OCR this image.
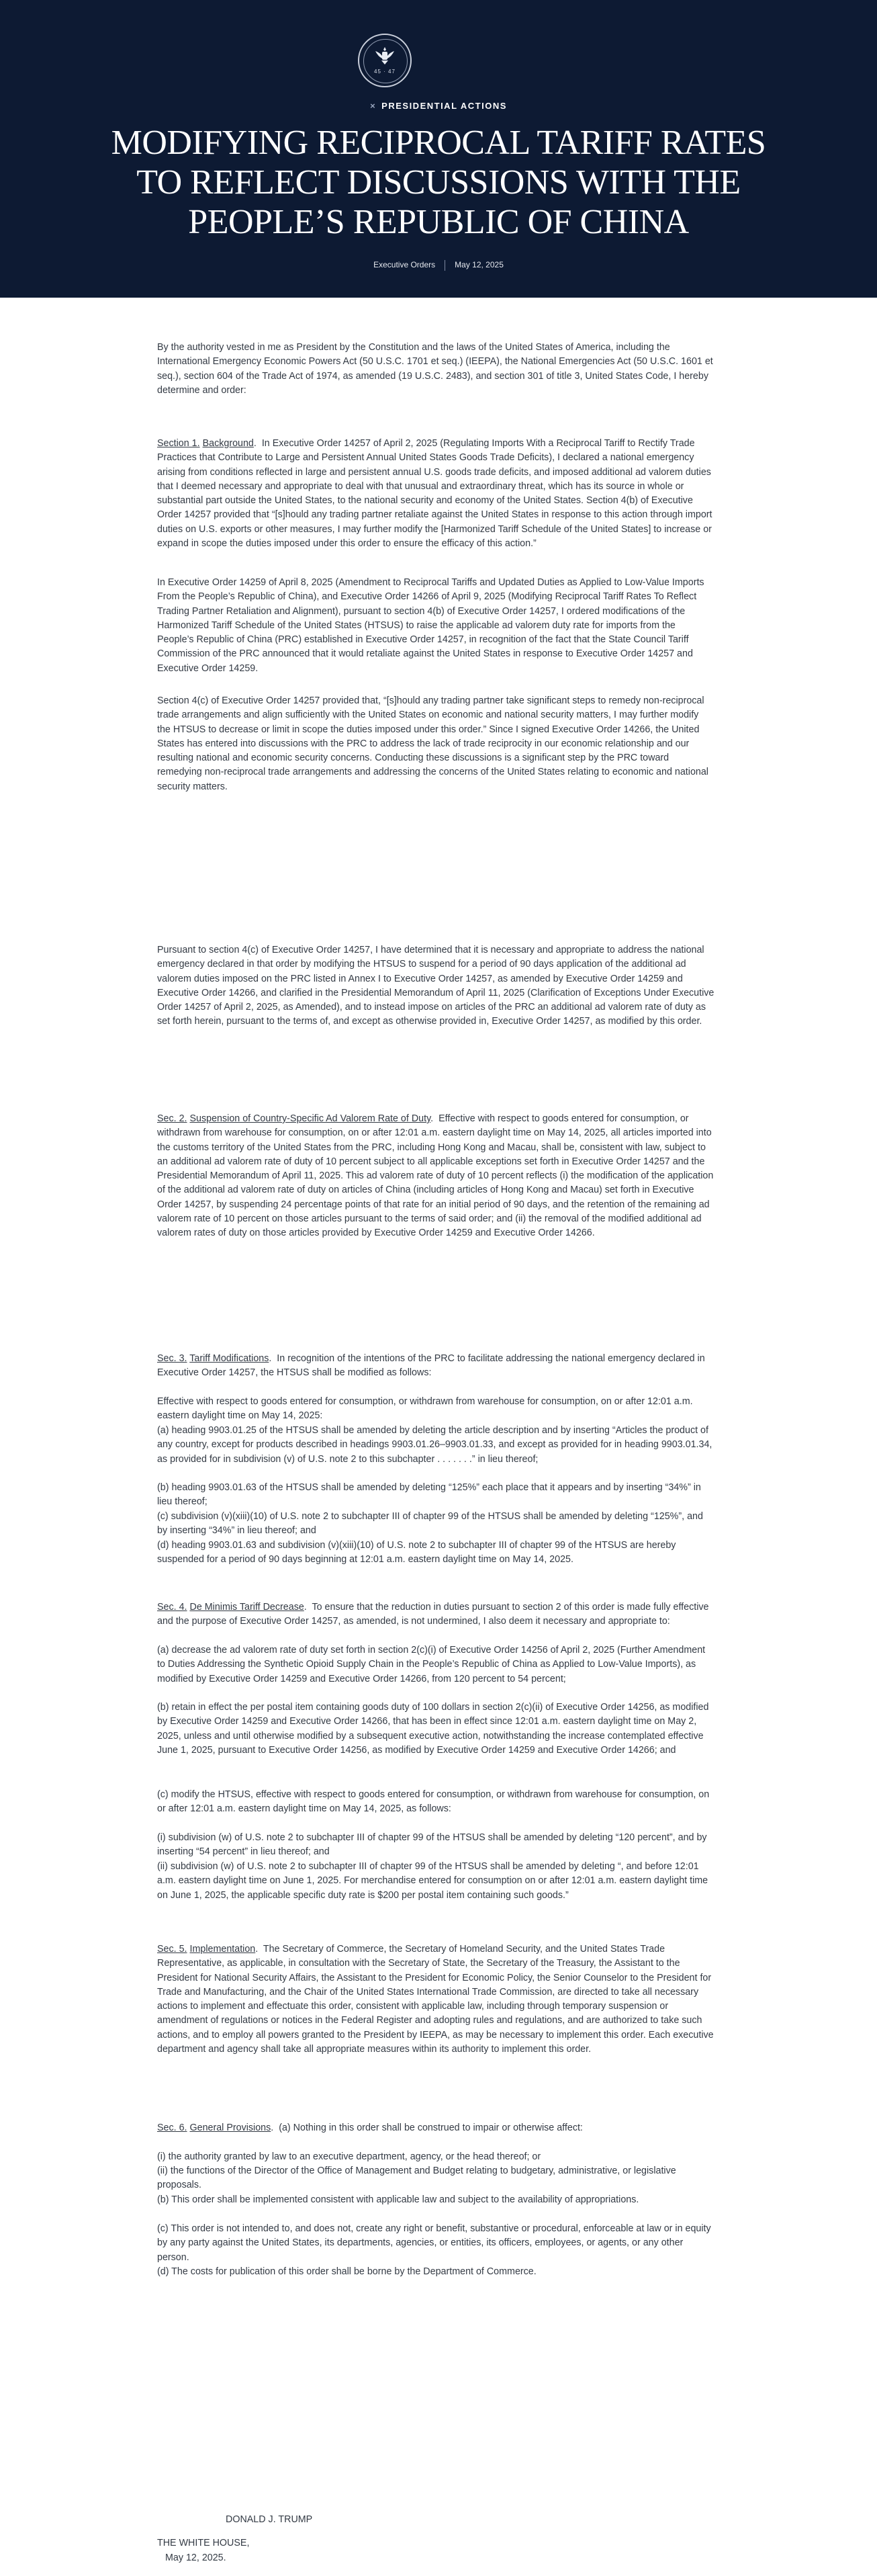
45 · 47
× PRESIDENTIAL ACTIONS
MODIFYING RECIPROCAL TARIFF RATES TO REFLECT DISCUSSIONS WITH THE PEOPLE’S REPUBLIC OF CHINA
Executive Orders May 12, 2025

By the authority vested in me as President by the Constitution and the laws of the United States of America, including the International Emergency Economic Powers Act (50 U.S.C. 1701 et seq.) (IEEPA), the National Emergencies Act (50 U.S.C. 1601 et seq.), section 604 of the Trade Act of 1974, as amended (19 U.S.C. 2483), and section 301 of title 3, United States Code, I hereby determine and order:

Section 1. Background.  In Executive Order 14257 of April 2, 2025 (Regulating Imports With a Reciprocal Tariff to Rectify Trade Practices that Contribute to Large and Persistent Annual United States Goods Trade Deficits), I declared a national emergency arising from conditions reflected in large and persistent annual U.S. goods trade deficits, and imposed additional ad valorem duties that I deemed necessary and appropriate to deal with that unusual and extraordinary threat, which has its source in whole or substantial part outside the United States, to the national security and economy of the United States. Section 4(b) of Executive Order 14257 provided that “[s]hould any trading partner retaliate against the United States in response to this action through import duties on U.S. exports or other measures, I may further modify the [Harmonized Tariff Schedule of the United States] to increase or expand in scope the duties imposed under this order to ensure the efficacy of this action.”

In Executive Order 14259 of April 8, 2025 (Amendment to Reciprocal Tariffs and Updated Duties as Applied to Low-Value Imports From the People’s Republic of China), and Executive Order 14266 of April 9, 2025 (Modifying Reciprocal Tariff Rates To Reflect Trading Partner Retaliation and Alignment), pursuant to section 4(b) of Executive Order 14257, I ordered modifications of the Harmonized Tariff Schedule of the United States (HTSUS) to raise the applicable ad valorem duty rate for imports from the People’s Republic of China (PRC) established in Executive Order 14257, in recognition of the fact that the State Council Tariff Commission of the PRC announced that it would retaliate against the United States in response to Executive Order 14257 and Executive Order 14259.

Section 4(c) of Executive Order 14257 provided that, “[s]hould any trading partner take significant steps to remedy non-reciprocal trade arrangements and align sufficiently with the United States on economic and national security matters, I may further modify the HTSUS to decrease or limit in scope the duties imposed under this order.” Since I signed Executive Order 14266, the United States has entered into discussions with the PRC to address the lack of trade reciprocity in our economic relationship and our resulting national and economic security concerns. Conducting these discussions is a significant step by the PRC toward remedying non-reciprocal trade arrangements and addressing the concerns of the United States relating to economic and national security matters.

Pursuant to section 4(c) of Executive Order 14257, I have determined that it is necessary and appropriate to address the national emergency declared in that order by modifying the HTSUS to suspend for a period of 90 days application of the additional ad valorem duties imposed on the PRC listed in Annex I to Executive Order 14257, as amended by Executive Order 14259 and Executive Order 14266, and clarified in the Presidential Memorandum of April 11, 2025 (Clarification of Exceptions Under Executive Order 14257 of April 2, 2025, as Amended), and to instead impose on articles of the PRC an additional ad valorem rate of duty as set forth herein, pursuant to the terms of, and except as otherwise provided in, Executive Order 14257, as modified by this order.

Sec. 2. Suspension of Country-Specific Ad Valorem Rate of Duty.  Effective with respect to goods entered for consumption, or withdrawn from warehouse for consumption, on or after 12:01 a.m. eastern daylight time on May 14, 2025, all articles imported into the customs territory of the United States from the PRC, including Hong Kong and Macau, shall be, consistent with law, subject to an additional ad valorem rate of duty of 10 percent subject to all applicable exceptions set forth in Executive Order 14257 and the Presidential Memorandum of April 11, 2025. This ad valorem rate of duty of 10 percent reflects (i) the modification of the application of the additional ad valorem rate of duty on articles of China (including articles of Hong Kong and Macau) set forth in Executive Order 14257, by suspending 24 percentage points of that rate for an initial period of 90 days, and the retention of the remaining ad valorem rate of 10 percent on those articles pursuant to the terms of said order; and (ii) the removal of the modified additional ad valorem rates of duty on those articles provided by Executive Order 14259 and Executive Order 14266.

Sec. 3. Tariff Modifications.  In recognition of the intentions of the PRC to facilitate addressing the national emergency declared in Executive Order 14257, the HTSUS shall be modified as follows:

Effective with respect to goods entered for consumption, or withdrawn from warehouse for consumption, on or after 12:01 a.m. eastern daylight time on May 14, 2025:

(a) heading 9903.01.25 of the HTSUS shall be amended by deleting the article description and by inserting “Articles the product of any country, except for products described in headings 9903.01.26–9903.01.33, and except as provided for in heading 9903.01.34, as provided for in subdivision (v) of U.S. note 2 to this subchapter . . . . . . .” in lieu thereof;

(b) heading 9903.01.63 of the HTSUS shall be amended by deleting “125%” each place that it appears and by inserting “34%” in lieu thereof;

(c) subdivision (v)(xiii)(10) of U.S. note 2 to subchapter III of chapter 99 of the HTSUS shall be amended by deleting “125%”, and by inserting “34%” in lieu thereof; and

(d) heading 9903.01.63 and subdivision (v)(xiii)(10) of U.S. note 2 to subchapter III of chapter 99 of the HTSUS are hereby suspended for a period of 90 days beginning at 12:01 a.m. eastern daylight time on May 14, 2025.

Sec. 4. De Minimis Tariff Decrease.  To ensure that the reduction in duties pursuant to section 2 of this order is made fully effective and the purpose of Executive Order 14257, as amended, is not undermined, I also deem it necessary and appropriate to:

(a) decrease the ad valorem rate of duty set forth in section 2(c)(i) of Executive Order 14256 of April 2, 2025 (Further Amendment to Duties Addressing the Synthetic Opioid Supply Chain in the People’s Republic of China as Applied to Low-Value Imports), as modified by Executive Order 14259 and Executive Order 14266, from 120 percent to 54 percent;

(b) retain in effect the per postal item containing goods duty of 100 dollars in section 2(c)(ii) of Executive Order 14256, as modified by Executive Order 14259 and Executive Order 14266, that has been in effect since 12:01 a.m. eastern daylight time on May 2, 2025, unless and until otherwise modified by a subsequent executive action, notwithstanding the increase contemplated effective June 1, 2025, pursuant to Executive Order 14256, as modified by Executive Order 14259 and Executive Order 14266; and

(c) modify the HTSUS, effective with respect to goods entered for consumption, or withdrawn from warehouse for consumption, on or after 12:01 a.m. eastern daylight time on May 14, 2025, as follows:

(i) subdivision (w) of U.S. note 2 to subchapter III of chapter 99 of the HTSUS shall be amended by deleting “120 percent”, and by inserting “54 percent” in lieu thereof; and

(ii) subdivision (w) of U.S. note 2 to subchapter III of chapter 99 of the HTSUS shall be amended by deleting “, and before 12:01 a.m. eastern daylight time on June 1, 2025. For merchandise entered for consumption on or after 12:01 a.m. eastern daylight time on June 1, 2025, the applicable specific duty rate is $200 per postal item containing such goods.”

Sec. 5. Implementation.  The Secretary of Commerce, the Secretary of Homeland Security, and the United States Trade Representative, as applicable, in consultation with the Secretary of State, the Secretary of the Treasury, the Assistant to the President for National Security Affairs, the Assistant to the President for Economic Policy, the Senior Counselor to the President for Trade and Manufacturing, and the Chair of the United States International Trade Commission, are directed to take all necessary actions to implement and effectuate this order, consistent with applicable law, including through temporary suspension or amendment of regulations or notices in the Federal Register and adopting rules and regulations, and are authorized to take such actions, and to employ all powers granted to the President by IEEPA, as may be necessary to implement this order. Each executive department and agency shall take all appropriate measures within its authority to implement this order.

Sec. 6. General Provisions.  (a) Nothing in this order shall be construed to impair or otherwise affect:

(i) the authority granted by law to an executive department, agency, or the head thereof; or

(ii) the functions of the Director of the Office of Management and Budget relating to budgetary, administrative, or legislative proposals.

(b) This order shall be implemented consistent with applicable law and subject to the availability of appropriations.

(c) This order is not intended to, and does not, create any right or benefit, substantive or procedural, enforceable at law or in equity by any party against the United States, its departments, agencies, or entities, its officers, employees, or agents, or any other person.

(d) The costs for publication of this order shall be borne by the Department of Commerce.

DONALD J. TRUMP
THE WHITE HOUSE,
May 12, 2025.
